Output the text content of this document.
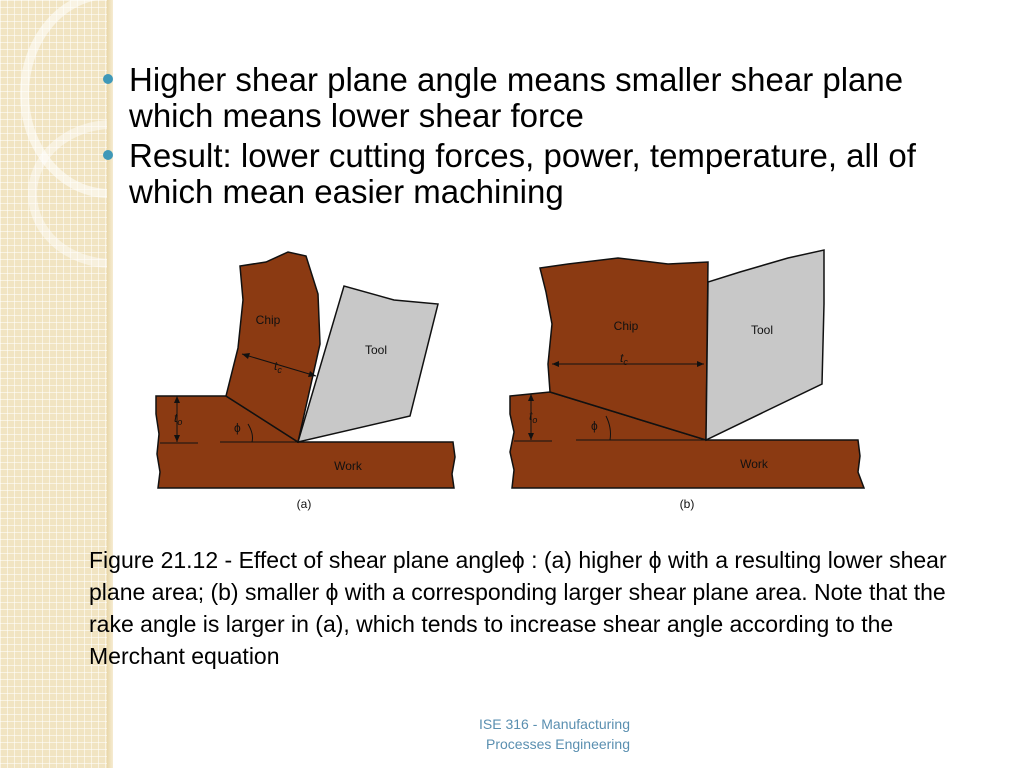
Higher shear plane angle means smaller shear plane which means lower shear force
Result: lower cutting forces, power, temperature, all of which mean easier machining
Chip
Tool
Work
$t_c$
$t_o$	ϕ
(a)
Chip	Tool
Work
$t_c$
$t_o$	ϕ
(b)

Figure 21.12 - Effect of shear plane angleϕ : (a) higher ϕ with a resulting lower shear plane area; (b) smaller ϕ with a corresponding larger shear plane area. Note that the rake angle is larger in (a), which tends to increase shear angle according to the Merchant equation

ISE 316 - Manufacturing
Processes Engineering
